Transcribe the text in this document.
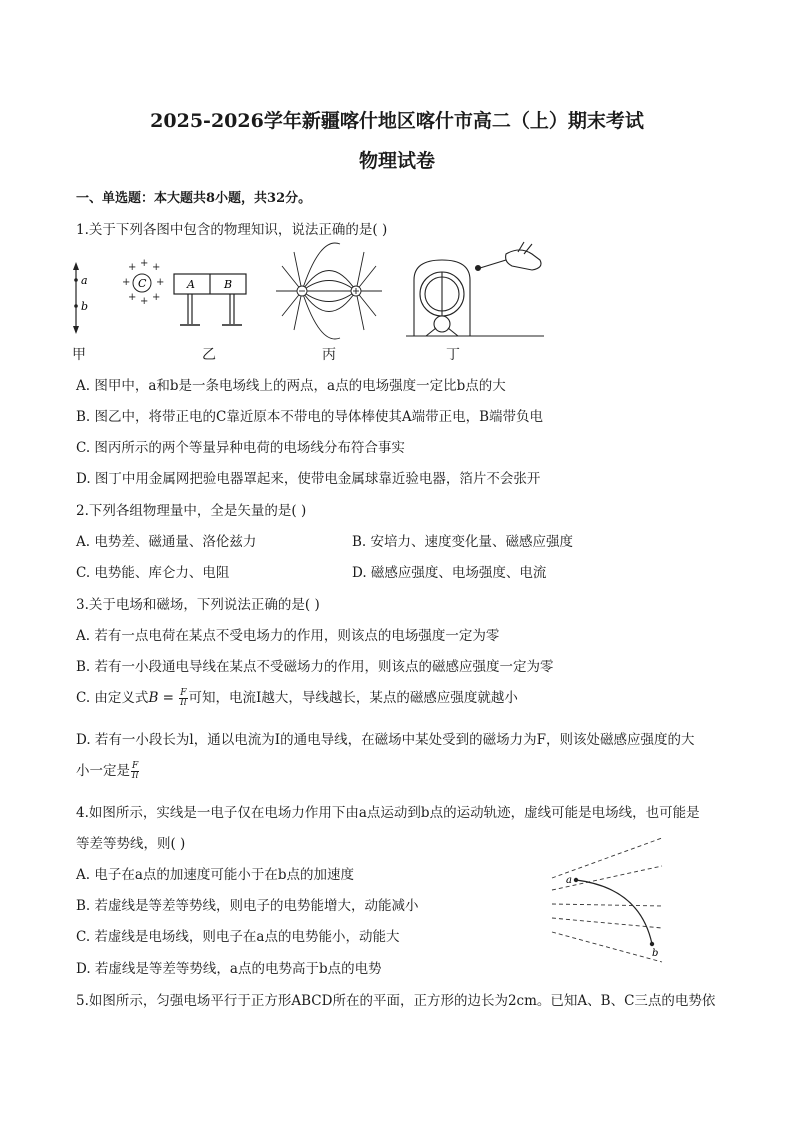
2025-2026学年新疆喀什地区喀什市高二（上）期末考试
物理试卷
一、单选题：本大题共8小题，共32分。
1.关于下列各图中包含的物理知识，说法正确的是( )
a
b
C
+ + +
+	+
+ + +
A	B
甲	乙	丙	丁
A. 图甲中，a和b是一条电场线上的两点，a点的电场强度一定比b点的大
B. 图乙中，将带正电的C靠近原本不带电的导体棒使其A端带正电，B端带负电
C. 图丙所示的两个等量异种电荷的电场线分布符合事实
D. 图丁中用金属网把验电器罩起来，使带电金属球靠近验电器，箔片不会张开
2.下列各组物理量中，全是矢量的是( )
A. 电势差、磁通量、洛伦兹力	B. 安培力、速度变化量、磁感应强度
C. 电势能、库仑力、电阻	D. 磁感应强度、电场强度、电流
3.关于电场和磁场，下列说法正确的是( )
A. 若有一点电荷在某点不受电场力的作用，则该点的电场强度一定为零
B. 若有一小段通电导线在某点不受磁场力的作用，则该点的磁感应强度一定为零
C. 由定义式$B = \frac{F}{Il}$ 可知，电流I越大，导线越长，某点的磁感应强度就越小
D. 若有一小段长为l，通以电流为I的通电导线，在磁场中某处受到的磁场力为F，则该处磁感应强度的大
小一定是 $\frac{F}{Il}$
4.如图所示，实线是一电子仅在电场力作用下由a点运动到b点的运动轨迹，虚线可能是电场线，也可能是
等差等势线，则( )
A. 电子在a点的加速度可能小于在b点的加速度
B. 若虚线是等差等势线，则电子的电势能增大，动能减小
C. 若虚线是电场线，则电子在a点的电势能小，动能大
D. 若虚线是等差等势线，a点的电势高于b点的电势
a
b
5.如图所示，匀强电场平行于正方形ABCD所在的平面，正方形的边长为2cm。已知A、B、C三点的电势依
